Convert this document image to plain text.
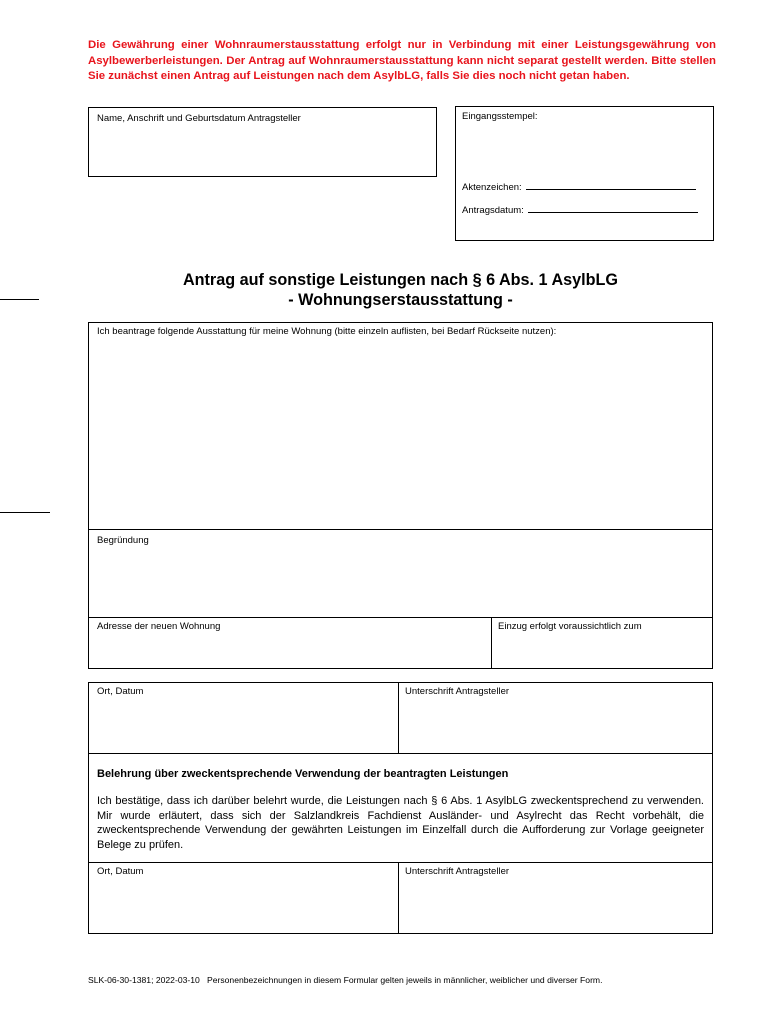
Die Gewährung einer Wohnraumerstausstattung erfolgt nur in Verbindung mit einer Leistungsgewährung von Asylbewerberleistungen. Der Antrag auf Wohnraumerstausstattung kann nicht separat gestellt werden. Bitte stellen Sie zunächst einen Antrag auf Leistungen nach dem AsylbLG, falls Sie dies noch nicht getan haben.
Name, Anschrift und Geburtsdatum Antragsteller	Eingangsstempel:
Aktenzeichen:
Antragsdatum:
Antrag auf sonstige Leistungen nach § 6 Abs. 1 AsylbLG
- Wohnungserstausstattung -
Ich beantrage folgende Ausstattung für meine Wohnung (bitte einzeln auflisten, bei Bedarf Rückseite nutzen):
Begründung
Adresse der neuen Wohnung	Einzug erfolgt voraussichtlich zum
Ort, Datum	Unterschrift Antragsteller
Belehrung über zweckentsprechende Verwendung der beantragten Leistungen
Ich bestätige, dass ich darüber belehrt wurde, die Leistungen nach § 6 Abs. 1 AsylbLG zweckentsprechend zu verwenden. Mir wurde erläutert, dass sich der Salzlandkreis Fachdienst Ausländer- und Asylrecht das Recht vorbehält, die zweckentsprechende Verwendung der gewährten Leistungen im Einzelfall durch die Aufforderung zur Vorlage geeigneter Belege zu prüfen.
Ort, Datum	Unterschrift Antragsteller
SLK-06-30-1381; 2022-03-10   Personenbezeichnungen in diesem Formular gelten jeweils in männlicher, weiblicher und diverser Form.
